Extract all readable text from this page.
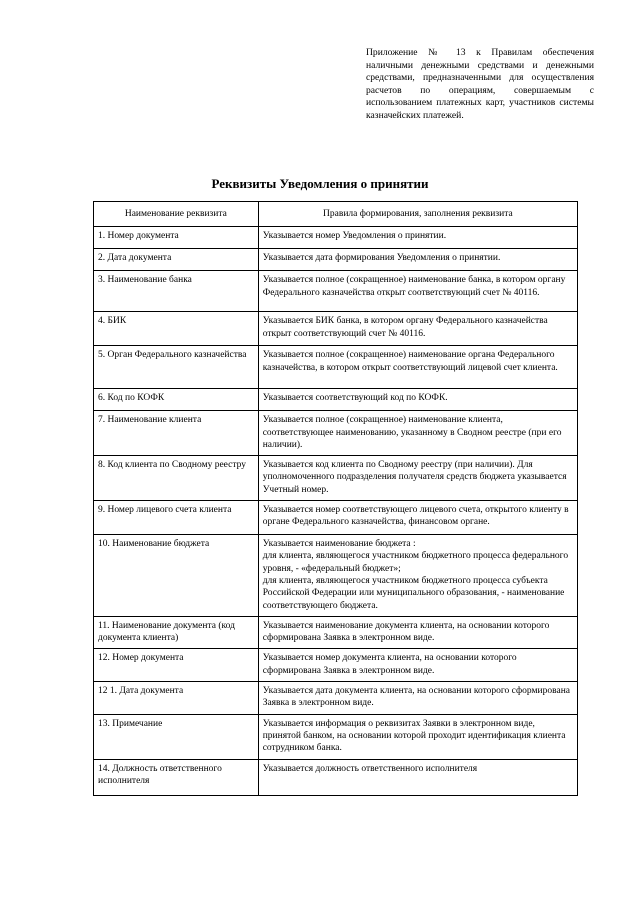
Приложение № 13 к Правилам обеспечения наличными денежными средствами и денежными средствами, предназначенными для осуществления расчетов по операциям, совершаемым с использованием платежных карт, участников системы казначейских платежей.
Реквизиты Уведомления о принятии
Наименование реквизита	Правила формирования, заполнения реквизита
1. Номер документа	Указывается номер Уведомления о принятии.

2. Дата документа	Указывается дата формирования Уведомления о принятии.

3. Наименование банка	Указывается полное (сокращенное) наименование банка, в котором органу Федерального казначейства открыт соответствующий счет № 40116.

4. БИК	Указывается БИК банка, в котором органу Федерального казначейства открыт соответствующий счет № 40116.

5. Орган Федерального казначейства	Указывается полное (сокращенное) наименование органа Федерального казначейства, в котором открыт соответствующий лицевой счет клиента.

6. Код по КОФК	Указывается соответствующий код по КОФК.

7. Наименование клиента	Указывается полное (сокращенное) наименование клиента, соответствующее наименованию, указанному в Сводном реестре (при его наличии).

8. Код клиента по Сводному реестру	Указывается код клиента по Сводному реестру (при наличии). Для уполномоченного подразделения получателя средств бюджета указывается Учетный номер.

9. Номер лицевого счета клиента	Указывается номер соответствующего лицевого счета, открытого клиенту в органе Федерального казначейства, финансовом органе.

10. Наименование бюджета	Указывается наименование бюджета :

для клиента, являющегося участником бюджетного процесса федерального уровня, - «федеральный бюджет»;

для клиента, являющегося участником бюджетного процесса субъекта Российской Федерации или муниципального образования, - наименование соответствующего бюджета.

11. Наименование документа (код документа клиента)	Указывается наименование документа клиента, на основании которого сформирована Заявка в электронном виде.

12. Номер документа	Указывается номер документа клиента, на основании которого сформирована Заявка в электронном виде.

12 1. Дата документа	Указывается дата документа клиента, на основании которого сформирована Заявка в электронном виде.

13. Примечание	Указывается информация о реквизитах Заявки в электронном виде, принятой банком, на основании которой проходит идентификация клиента сотрудником банка.

14. Должность ответственного исполнителя	Указывается должность ответственного исполнителя
